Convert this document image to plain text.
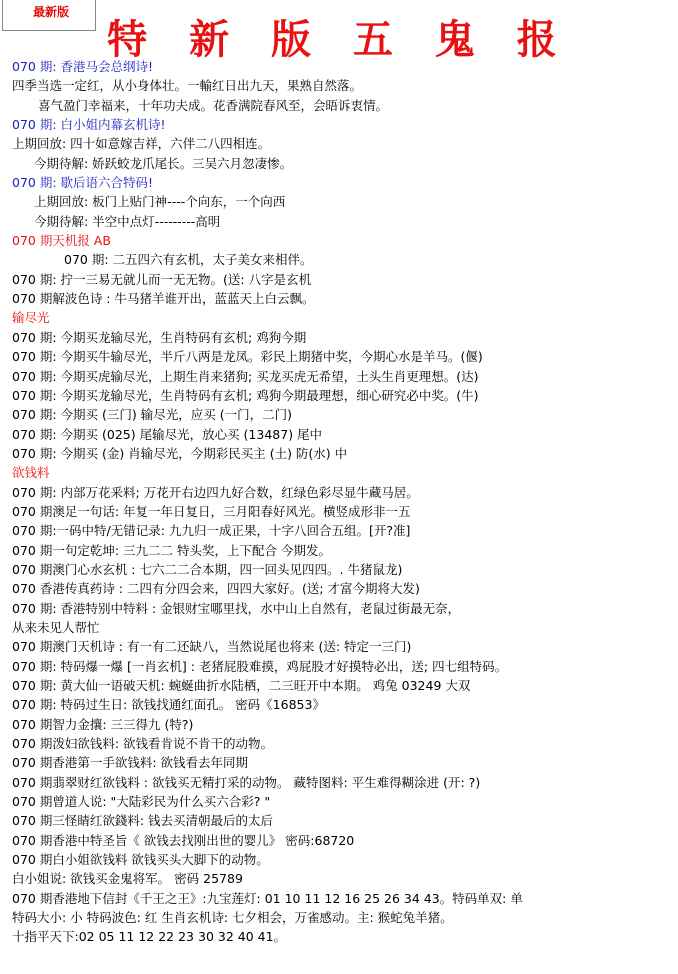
最新版
特 新 版 五 鬼 报
070 期: 香港马会总纲诗!
四季当选一定红，从小身体壮。一輸红日出九天，果熟自然落。
喜气盈门幸福来，十年功夫成。花香满院春风至，会晤诉衷情。
070 期: 白小姐内幕玄机诗!
上期回放: 四十如意嫁吉祥，六伴二八四相连。
今期待解: 娇跃蛟龙爪尾长。三吴六月忽凄惨。
070 期: 歇后语六合特码!
上期回放: 板门上贴门神----个向东，一个向西
今期待解: 半空中点灯---------高明
070 期天机报 AB
070 期: 二五四六有玄机，太子美女来相伴。
070 期: 拧一三易无就儿而一无无物。(送: 八字是玄机
070 期解波色诗 : 牛马猪羊谁开出，蓝蓝天上白云飘。
输尽光
070 期: 今期买龙输尽光，生肖特码有玄机; 鸡狗今期
070 期: 今期买牛输尽光，半斤八两是龙凤。彩民上期猪中奖，今期心水是羊马。(偃)
070 期: 今期买虎输尽光，上期生肖来猪狗; 买龙买虎无希望，土头生肖更理想。(达)
070 期: 今期买龙输尽光，生肖特码有玄机; 鸡狗今期最理想，细心研究必中奖。(牛)
070 期: 今期买 (三门) 输尽光，应买 (一门，二门)
070 期: 今期买 (025) 尾输尽光，放心买 (13487) 尾中
070 期: 今期买 (金) 肖输尽光，今期彩民买主 (土) 防(水) 中
欲钱料
070 期: 内部万花釆料; 万花开右边四九好合数，红绿色彩尽显牛藏马居。
070 期澳足一句话: 年复一年日复日，三月阳春好风光。横竖成形非一五
070 期:一码中特/无错记录: 九九归一成正果，十字八回合五组。[开?准]
070 期一句定乾坤: 三九二二 特头奖，上下配合 今期发。
070 期澳门心水玄机 : 七六二二合本期，四一回头见四四。. 牛猪鼠龙)
070 香港传真药诗 : 二四有分四会来，四四大家好。(送; 才富今期将大发)
070 期: 香港特别中特料 : 金银财宝哪里找，水中山上自然有，老鼠过街最无奈，
从来未见人帮忙
070 期澳门天机诗 : 有一有二还缺八，当然说尾也将来 (送: 特定一三门)
070 期: 特码爆一爆 [一肖玄机] : 老猪屁股难摸，鸡屁股才好摸特必出，送; 四七组特码。
070 期: 黄大仙一语破天机: 蜿蜒曲折水陆栖，二三旺开中本期。 鸡兔 03249 大双
070 期: 特码过生日: 欲钱找通红面孔。 密码《16853》
070 期智力金攘: 三三得九 (特?)
070 期泼妇欲钱料: 欲钱看肯说不肯干的动物。
070 期香港第一手欲钱料: 欲钱看去年同期
070 期翡翠财红欲钱料 : 欲钱买无精打采的动物。 藏特图料: 平生难得糊涂进 (开: ?)
070 期曾道人说: "大陆彩民为什么买六合彩? "
070 期三怪睛红欲錢料: 钱去买清朝最后的太后
070 期香港中特圣旨《 欲钱去找刚出世的婴儿》 密码:68720
070 期白小姐欲钱料 欲钱买头大脚下的动物。
白小姐说: 欲钱买金鬼将军。 密码 25789
070 期香港地下信封《千王之王》:九宝莲灯: 01 10 11 12 16 25 26 34 43。特码单双: 单
特码大小: 小 特码波色: 红 生肖玄机诗: 七夕相会，万雀感动。主: 猴蛇兔羊猪。
十指平天下:02 05 11 12 22 23 30 32 40 41。
